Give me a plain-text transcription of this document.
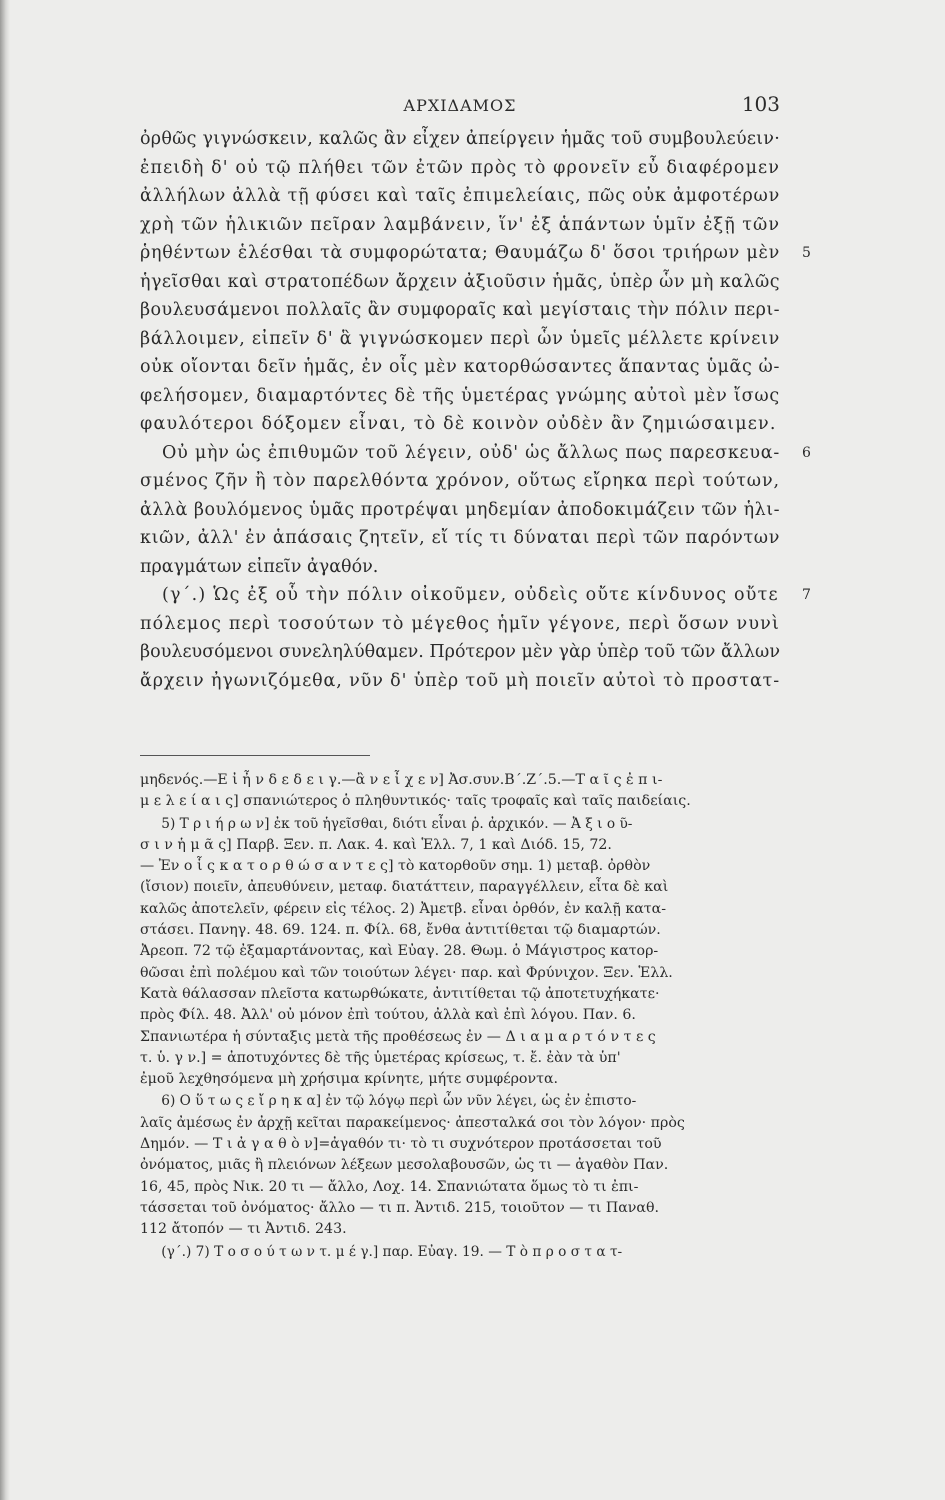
ΑΡΧΙΔΑΜΟΣ	103

ὀρθῶς γιγνώσκειν, καλῶς ἂν εἶχεν ἀπείργειν ἡμᾶς τοῦ συμβουλεύειν·

ἐπειδὴ δ' οὐ τῷ πλήθει τῶν ἐτῶν πρὸς τὸ φρονεῖν εὖ διαφέρομεν

ἀλλήλων ἀλλὰ τῇ φύσει καὶ ταῖς ἐπιμελείαις, πῶς οὐκ ἀμφοτέρων

χρὴ τῶν ἡλικιῶν πεῖραν λαμβάνειν, ἵν' ἐξ ἁπάντων ὑμῖν ἐξῇ τῶν

ῥηθέντων ἑλέσθαι τὰ συμφορώτατα; Θαυμάζω δ' ὅσοι τριήρων μὲν 5

ἡγεῖσθαι καὶ στρατοπέδων ἄρχειν ἀξιοῦσιν ἡμᾶς, ὑπὲρ ὧν μὴ καλῶς

βουλευσάμενοι πολλαῖς ἂν συμφοραῖς καὶ μεγίσταις τὴν πόλιν περι-

βάλλοιμεν, εἰπεῖν δ' ἃ γιγνώσκομεν περὶ ὧν ὑμεῖς μέλλετε κρίνειν

οὐκ οἴονται δεῖν ἡμᾶς, ἐν οἷς μὲν κατορθώσαντες ἅπαντας ὑμᾶς ὠ-

φελήσομεν, διαμαρτόντες δὲ τῆς ὑμετέρας γνώμης αὐτοὶ μὲν ἴσως

φαυλότεροι δόξομεν εἶναι, τὸ δὲ κοινὸν οὐδὲν ἂν ζημιώσαιμεν.

Οὐ μὴν ὡς ἐπιθυμῶν τοῦ λέγειν, οὐδ' ὡς ἄλλως πως παρεσκευα- 6

σμένος ζῆν ἢ τὸν παρελθόντα χρόνον, οὕτως εἴρηκα περὶ τούτων,

ἀλλὰ βουλόμενος ὑμᾶς προτρέψαι μηδεμίαν ἀποδοκιμάζειν τῶν ἡλι-

κιῶν, ἀλλ' ἐν ἁπάσαις ζητεῖν, εἴ τίς τι δύναται περὶ τῶν παρόντων

πραγμάτων εἰπεῖν ἀγαθόν.

(γ΄.) Ὡς ἐξ οὗ τὴν πόλιν οἰκοῦμεν, οὐδεὶς οὔτε κίνδυνος οὔτε 7

πόλεμος περὶ τοσούτων τὸ μέγεθος ἡμῖν γέγονε, περὶ ὅσων νυνὶ

βουλευσόμενοι συνεληλύθαμεν. Πρότερον μὲν γὰρ ὑπὲρ τοῦ τῶν ἄλλων

ἄρχειν ἠγωνιζόμεθα, νῦν δ' ὑπὲρ τοῦ μὴ ποιεῖν αὐτοὶ τὸ προστατ-

μηδενός.—Ε ἰ ἦ ν δ ε δ ε ι γ.—ἂ ν ε ἶ χ ε ν] Ἀσ.συν.Β΄.Ζ΄.5.—Τ α ῖ ς ἐ π ι-

μ ε λ ε ί α ι ς] σπανιώτερος ὁ πληθυντικός· ταῖς τροφαῖς καὶ ταῖς παιδείαις.

5) Τ ρ ι ή ρ ω ν] ἐκ τοῦ ἡγεῖσθαι, διότι εἶναι ῥ. ἀρχικόν. — Ἀ ξ ι ο ῦ-

σ ι ν ἡ μ ᾶ ς] Παρβ. Ξεν. π. Λακ. 4. καὶ Ἑλλ. 7, 1 καὶ Διόδ. 15, 72.

— Ἐν ο ἷ ς κ α τ ο ρ θ ώ σ α ν τ ε ς] τὸ κατορθοῦν σημ. 1) μεταβ. ὀρθὸν

(ἴσιον) ποιεῖν, ἀπευθύνειν, μεταφ. διατάττειν, παραγγέλλειν, εἶτα δὲ καὶ

καλῶς ἀποτελεῖν, φέρειν εἰς τέλος. 2) Ἀμετβ. εἶναι ὀρθόν, ἐν καλῇ κατα-

στάσει. Πανηγ. 48. 69. 124. π. Φίλ. 68, ἔνθα ἀντιτίθεται τῷ διαμαρτών.

Ἀρεοπ. 72 τῷ ἐξαμαρτάνοντας, καὶ Εὐαγ. 28. Θωμ. ὁ Μάγιστρος κατορ-

θῶσαι ἐπὶ πολέμου καὶ τῶν τοιούτων λέγει· παρ. καὶ Φρύνιχον. Ξεν. Ἑλλ.

Κατὰ θάλασσαν πλεῖστα κατωρθώκατε, ἀντιτίθεται τῷ ἀποτετυχήκατε·

πρὸς Φίλ. 48. Ἀλλ' οὐ μόνον ἐπὶ τούτου, ἀλλὰ καὶ ἐπὶ λόγου. Παν. 6.

Σπανιωτέρα ἡ σύνταξις μετὰ τῆς προθέσεως ἐν — Δ ι α μ α ρ τ ό ν τ ε ς

τ. ὑ. γ ν.] = ἀποτυχόντες δὲ τῆς ὑμετέρας κρίσεως, τ. ἔ. ἐὰν τὰ ὑπ'

ἐμοῦ λεχθησόμενα μὴ χρήσιμα κρίνητε, μήτε συμφέροντα.

6) Ο ὕ τ ω ς ε ἴ ρ η κ α] ἐν τῷ λόγῳ περὶ ὧν νῦν λέγει, ὡς ἐν ἐπιστο-

λαῖς ἀμέσως ἐν ἀρχῇ κεῖται παρακείμενος· ἀπεσταλκά σοι τὸν λόγον· πρὸς

Δημόν. — Τ ι ἀ γ α θ ὸ ν]=ἀγαθόν τι· τὸ τι συχνότερον προτάσσεται τοῦ

ὀνόματος, μιᾶς ἢ πλειόνων λέξεων μεσολαβουσῶν, ὡς τι — ἀγαθὸν Παν.

16, 45, πρὸς Νικ. 20 τι — ἄλλο, Λοχ. 14. Σπανιώτατα ὅμως τὸ τι ἐπι-

τάσσεται τοῦ ὀνόματος· ἄλλο — τι π. Ἀντιδ. 215, τοιοῦτον — τι Παναθ.

112 ἄτοπόν — τι Ἀντιδ. 243.

(γ΄.) 7) Τ ο σ ο ύ τ ω ν τ. μ έ γ.] παρ. Εὐαγ. 19. — Τ ὸ π ρ ο σ τ α τ-
